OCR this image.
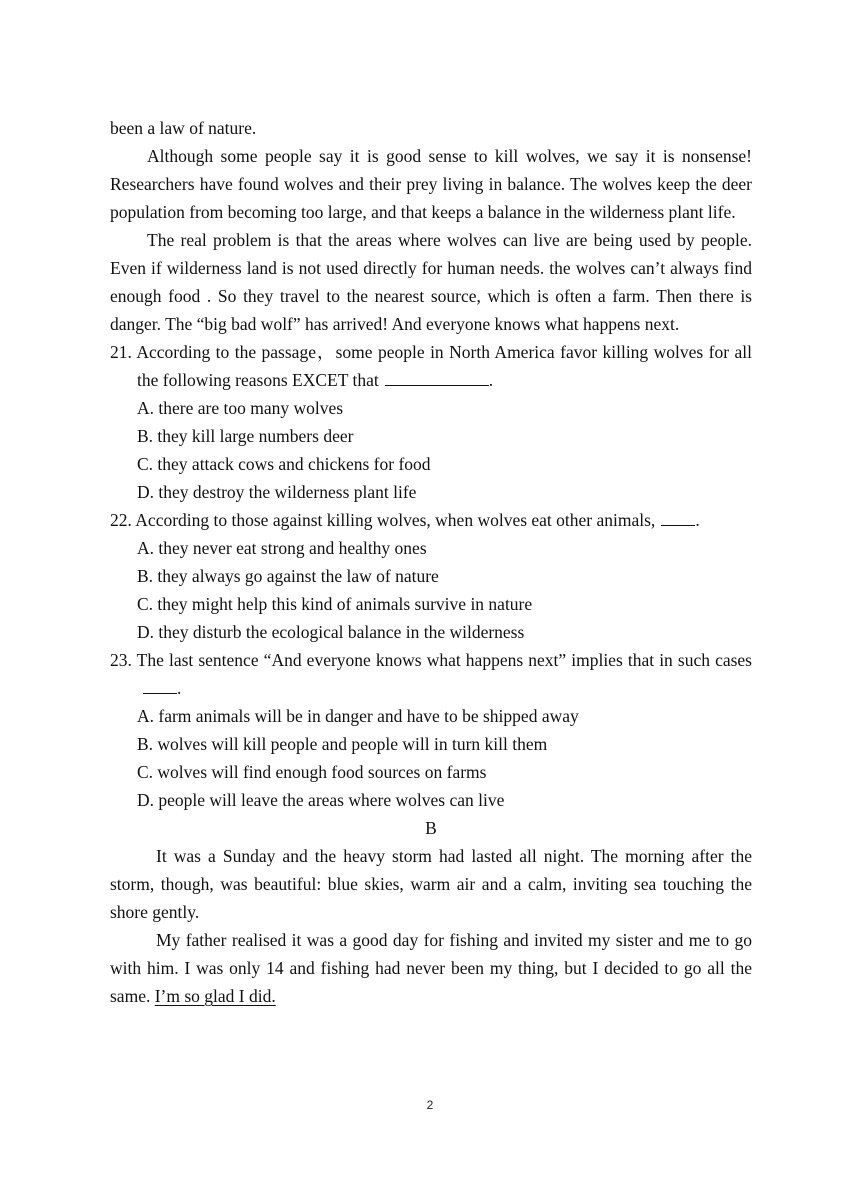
been a law of nature.

Although some people say it is good sense to kill wolves, we say it is nonsense! Researchers have found wolves and their prey living in balance. The wolves keep the deer population from becoming too large, and that keeps a balance in the wilderness plant life.

The real problem is that the areas where wolves can live are being used by people. Even if wilderness land is not used directly for human needs. the wolves can’t always find enough food . So they travel to the nearest source, which is often a farm. Then there is danger. The “big bad wolf” has arrived! And everyone knows what happens next.

21. According to the passage，some people in North America favor killing wolves for all the following reasons EXCET that	.

A. there are too many wolves

B. they kill large numbers deer

C. they attack cows and chickens for food

D. they destroy the wilderness plant life

22. According to those against killing wolves, when wolves eat other animals, .

A. they never eat strong and healthy ones

B. they always go against the law of nature

C. they might help this kind of animals survive in nature

D. they disturb the ecological balance in the wilderness

23. The last sentence “And everyone knows what happens next” implies that in such cases.

A. farm animals will be in danger and have to be shipped away

B. wolves will kill people and people will in turn kill them

C. wolves will find enough food sources on farms

D. people will leave the areas where wolves can live

B

It was a Sunday and the heavy storm had lasted all night. The morning after the storm, though, was beautiful: blue skies, warm air and a calm, inviting sea touching the shore gently.

My father realised it was a good day for fishing and invited my sister and me to go with him. I was only 14 and fishing had never been my thing, but I decided to go all the same. I’m so glad I did.

2
